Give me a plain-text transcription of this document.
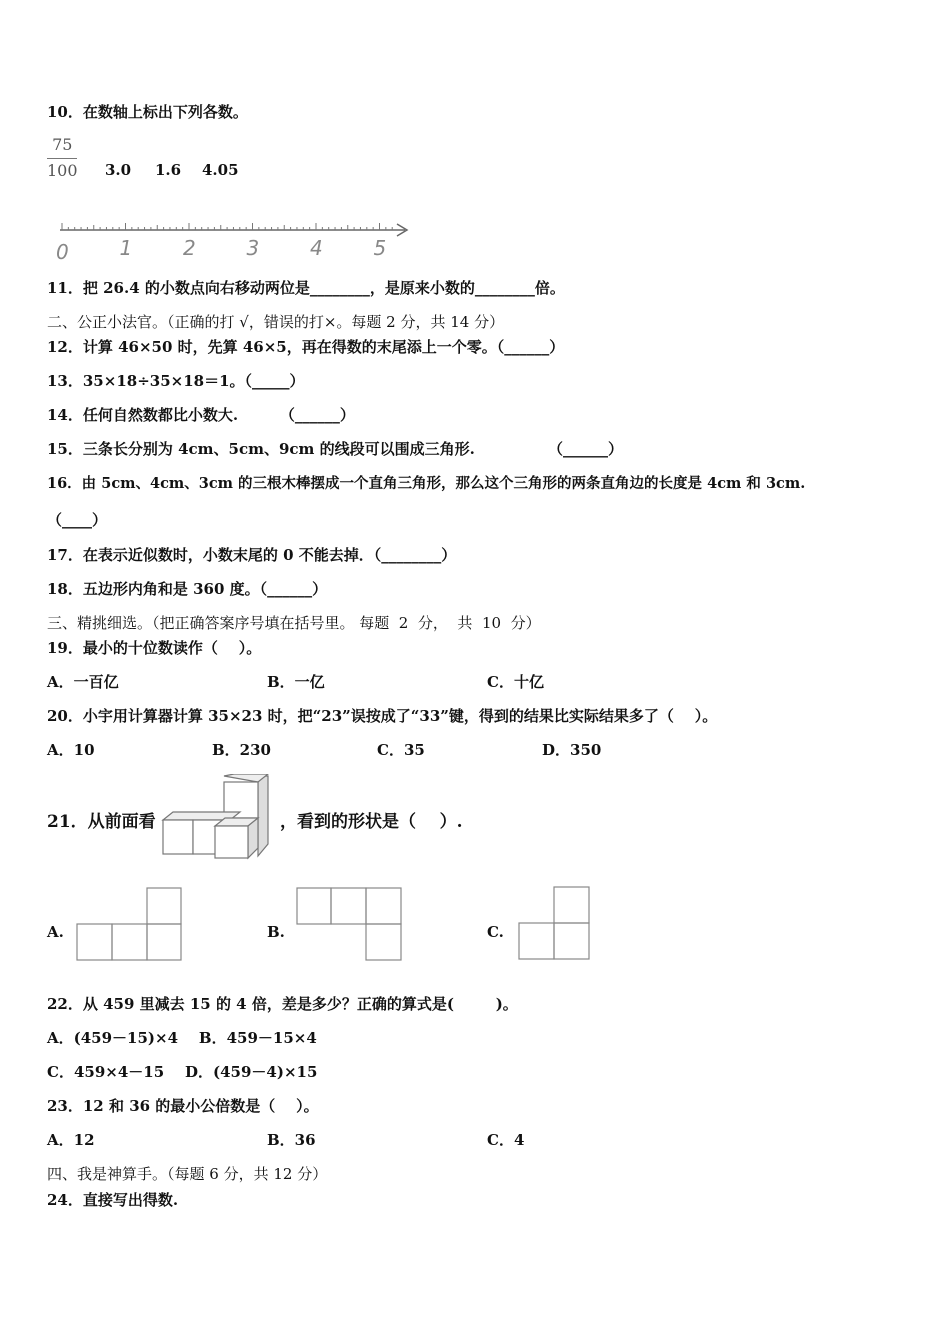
10．在数轴上标出下列各数。
75
100 3.0 1.6 4.05
0	1	2	3	4	5
11．把 26.4 的小数点向右移动两位是________，是原来小数的________倍。
二、公正小法官。（正确的打 √，错误的打×。每题 2 分，共 14 分）
12．计算 46×50 时，先算 46×5，再在得数的末尾添上一个零。（______）
13．35×18÷35×18＝1。（_____）
14．任何自然数都比小数大.        （______）
15．三条长分别为 4cm、5cm、9cm 的线段可以围成三角形.              （______）
16．由 5cm、4cm、3cm 的三根木棒摆成一个直角三角形，那么这个三角形的两条直角边的长度是 4cm 和 3cm.
（____）
17．在表示近似数时，小数末尾的 0 不能去掉．（________）
18．五边形内角和是 360 度。（______）
三、精挑细选。（把正确答案序号填在括号里。 每题  2  分，  共  10  分）
19．最小的十位数读作（    ）。
A．一百亿	B．一亿	C．十亿
20．小宇用计算器计算 35×23 时，把“23”误按成了“33”键，得到的结果比实际结果多了（    ）。
A．10	B．230	C．35	D．350
21．从前面看	，看到的形状是（    ）.
A.	B.	C.
22．从 459 里减去 15 的 4 倍，差是多少？正确的算式是(        )。
A．(459－15)×4    B．459－15×4
C．459×4－15    D．(459－4)×15
23．12 和 36 的最小公倍数是（    ）。
A．12	B．36	C．4
四、我是神算手。（每题 6 分，共 12 分）
24．直接写出得数.
